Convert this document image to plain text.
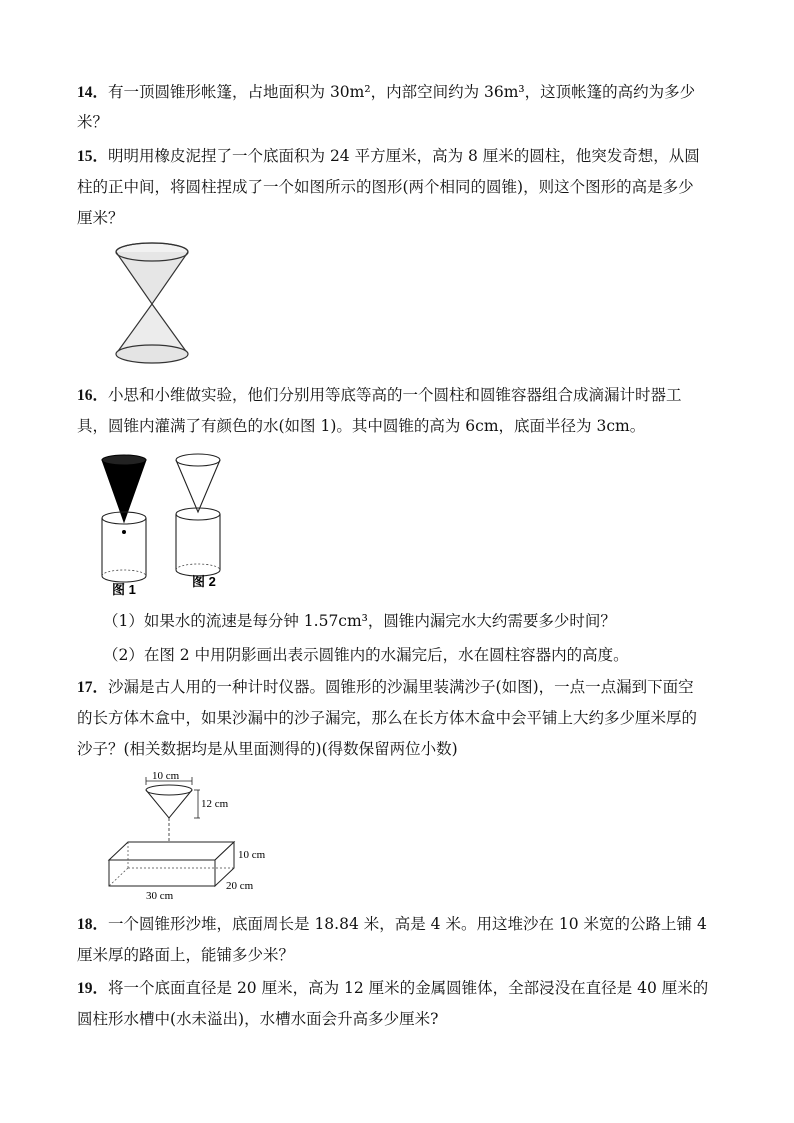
14．有一顶圆锥形帐篷，占地面积为 30m²，内部空间约为 36m³，这顶帐篷的高约为多少
米？
15．明明用橡皮泥捏了一个底面积为 24 平方厘米，高为 8 厘米的圆柱，他突发奇想，从圆
柱的正中间，将圆柱捏成了一个如图所示的图形(两个相同的圆锥)，则这个图形的高是多少
厘米？
16．小思和小维做实验，他们分别用等底等高的一个圆柱和圆锥容器组合成滴漏计时器工
具，圆锥内灌满了有颜色的水(如图 1)。其中圆锥的高为 6cm，底面半径为 3cm。
图 1
图 2
（1）如果水的流速是每分钟 1.57cm³，圆锥内漏完水大约需要多少时间？
（2）在图 2 中用阴影画出表示圆锥内的水漏完后，水在圆柱容器内的高度。
17．沙漏是古人用的一种计时仪器。圆锥形的沙漏里装满沙子(如图)，一点一点漏到下面空
的长方体木盒中，如果沙漏中的沙子漏完，那么在长方体木盒中会平铺上大约多少厘米厚的
沙子？(相关数据均是从里面测得的)(得数保留两位小数)
10 cm
12 cm
10 cm
20 cm
30 cm
18．一个圆锥形沙堆，底面周长是 18.84 米，高是 4 米。用这堆沙在 10 米宽的公路上铺 4
厘米厚的路面上，能铺多少米？
19．将一个底面直径是 20 厘米，高为 12 厘米的金属圆锥体，全部浸没在直径是 40 厘米的
圆柱形水槽中(水未溢出)，水槽水面会升高多少厘米?
